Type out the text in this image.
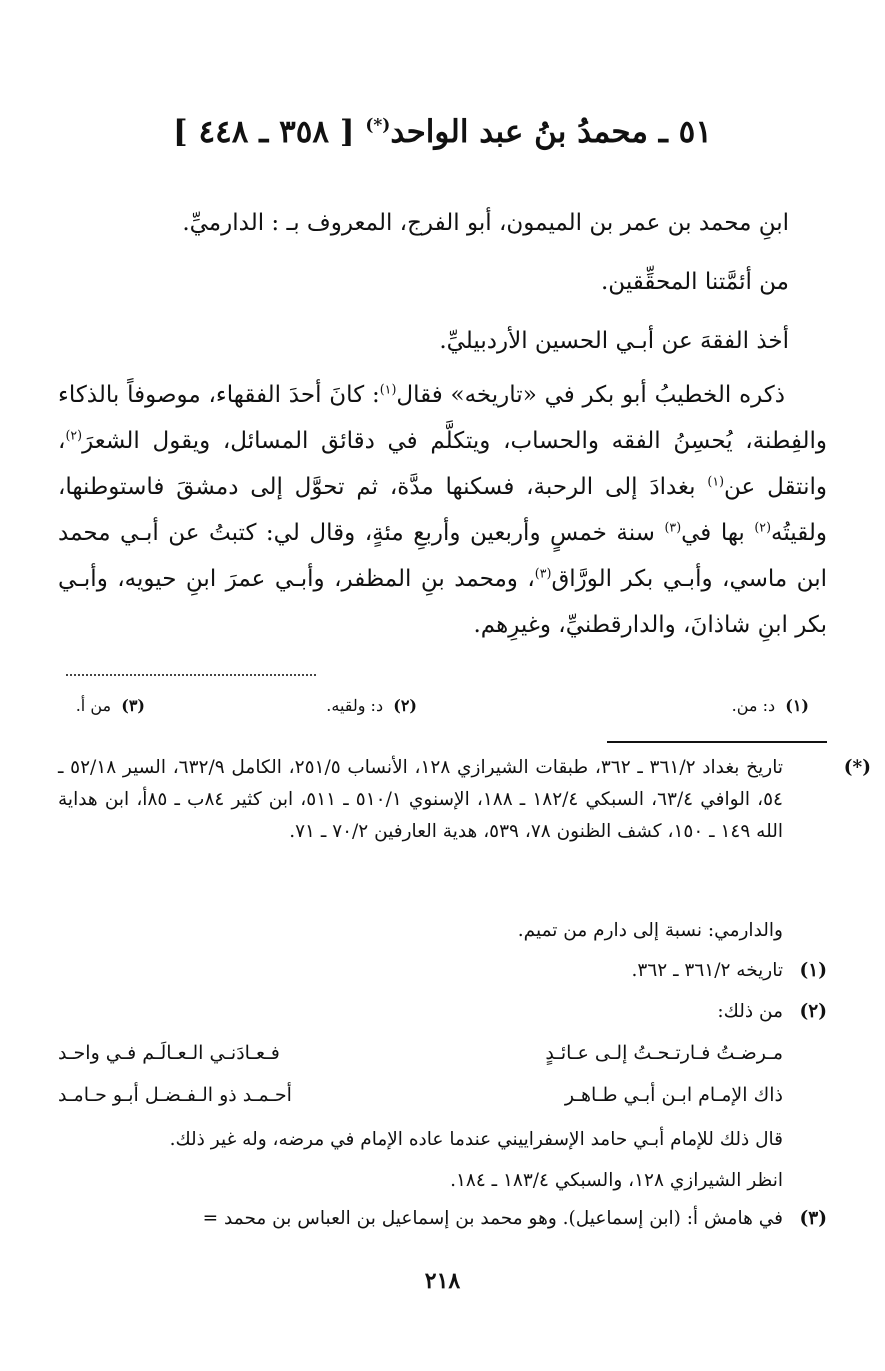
٥١ ـ محمدُ بنُ عبد الواحد(*) [ ٣٥٨ ـ ٤٤٨ ]
ابنِ محمد بن عمر بن الميمون، أبو الفرج، المعروف بـ : الدارميِّ.
من أئمَّتنا المحقِّقين.
أخذ الفقهَ عن أبـي الحسين الأردبيليِّ.
ذكره الخطيبُ أبو بكر في «تاريخه» فقال$^{(١)}$: كانَ أحدَ الفقهاء، موصوفاً بالذكاء والفِطنة، يُحسِنُ الفقه والحساب، ويتكلَّم في دقائق المسائل، ويقول الشعرَ$^{(٢)}$، وانتقل عن$^{(١)}$ بغدادَ إلى الرحبة، فسكنها مدَّة، ثم تحوَّل إلى دمشقَ فاستوطنها، ولقيتُه$^{(٢)}$ بها في$^{(٣)}$ سنة خمسٍ وأربعين وأربعِ مئةٍ، وقال لي: كتبتُ عن أبـي محمد ابن ماسي، وأبـي بكر الورَّاق$^{(٣)}$، ومحمد بنِ المظفر، وأبـي عمرَ ابنِ حيويه، وأبـي بكر ابنِ شاذانَ، والدارقطنيِّ، وغيرِهم.
(١)  د: من.
(٢)  د: ولقيه.
(٣)  من أ.
(*)تاريخ بغداد ٣٦١/٢ ـ ٣٦٢، طبقات الشيرازي ١٢٨، الأنساب ٢٥١/٥، الكامل ٦٣٢/٩، السير ٥٢/١٨ ـ ٥٤، الوافي ٦٣/٤، السبكي ١٨٢/٤ ـ ١٨٨، الإسنوي ٥١٠/١ ـ ٥١١، ابن كثير ٨٤ب ـ ٨٥أ، ابن هداية الله ١٤٩ ـ ١٥٠، كشف الظنون ٧٨، ٥٣٩، هدية العارفين ٧٠/٢ ـ ٧١.
والدارمي: نسبة إلى دارم من تميم.
(١)تاريخه ٣٦١/٢ ـ ٣٦٢.
(٢)من ذلك:
مـرضـتُ فـارتـحـتُ إلـى عـائـدٍ
فـعـادَنـي الـعـالَـم فـي واحـد
ذاك الإمـام ابـن أبـي طـاهـر
أحـمـد ذو الـفـضـل أبـو حـامـد
قال ذلك للإمام أبـي حامد الإسفراييني عندما عاده الإمام في مرضه، وله غير ذلك.
انظر الشيرازي ١٢٨، والسبكي ١٨٣/٤ ـ ١٨٤.
(٣)في هامش أ: (ابن إسماعيل). وهو محمد بن إسماعيل بن العباس بن محمد =
٢١٨
